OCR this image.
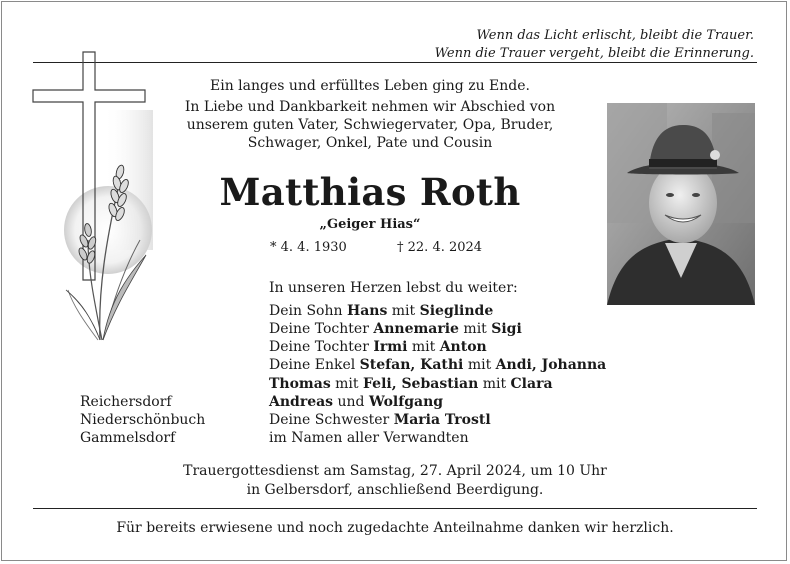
Wenn das Licht erlischt, bleibt die Trauer.
Wenn die Trauer vergeht, bleibt die Erinnerung.
Ein langes und erfülltes Leben ging zu Ende.
In Liebe und Dankbarkeit nehmen wir Abschied von
unserem guten Vater, Schwiegervater, Opa, Bruder,
Schwager, Onkel, Pate und Cousin
Matthias Roth
„Geiger Hias“
* 4. 4. 1930	† 22. 4. 2024
In unseren Herzen lebst du weiter:
Dein Sohn Hans mit Sieglinde
Deine Tochter Annemarie mit Sigi
Deine Tochter Irmi mit Anton
Deine Enkel Stefan, Kathi mit Andi, Johanna
Thomas mit Feli, Sebastian mit Clara
Andreas und Wolfgang
Deine Schwester Maria Trostl
im Namen aller Verwandten
Reichersdorf
Niederschönbuch
Gammelsdorf
Trauergottesdienst am Samstag, 27. April 2024, um 10 Uhr
in Gelbersdorf, anschließend Beerdigung.
Für bereits erwiesene und noch zugedachte Anteilnahme danken wir herzlich.
